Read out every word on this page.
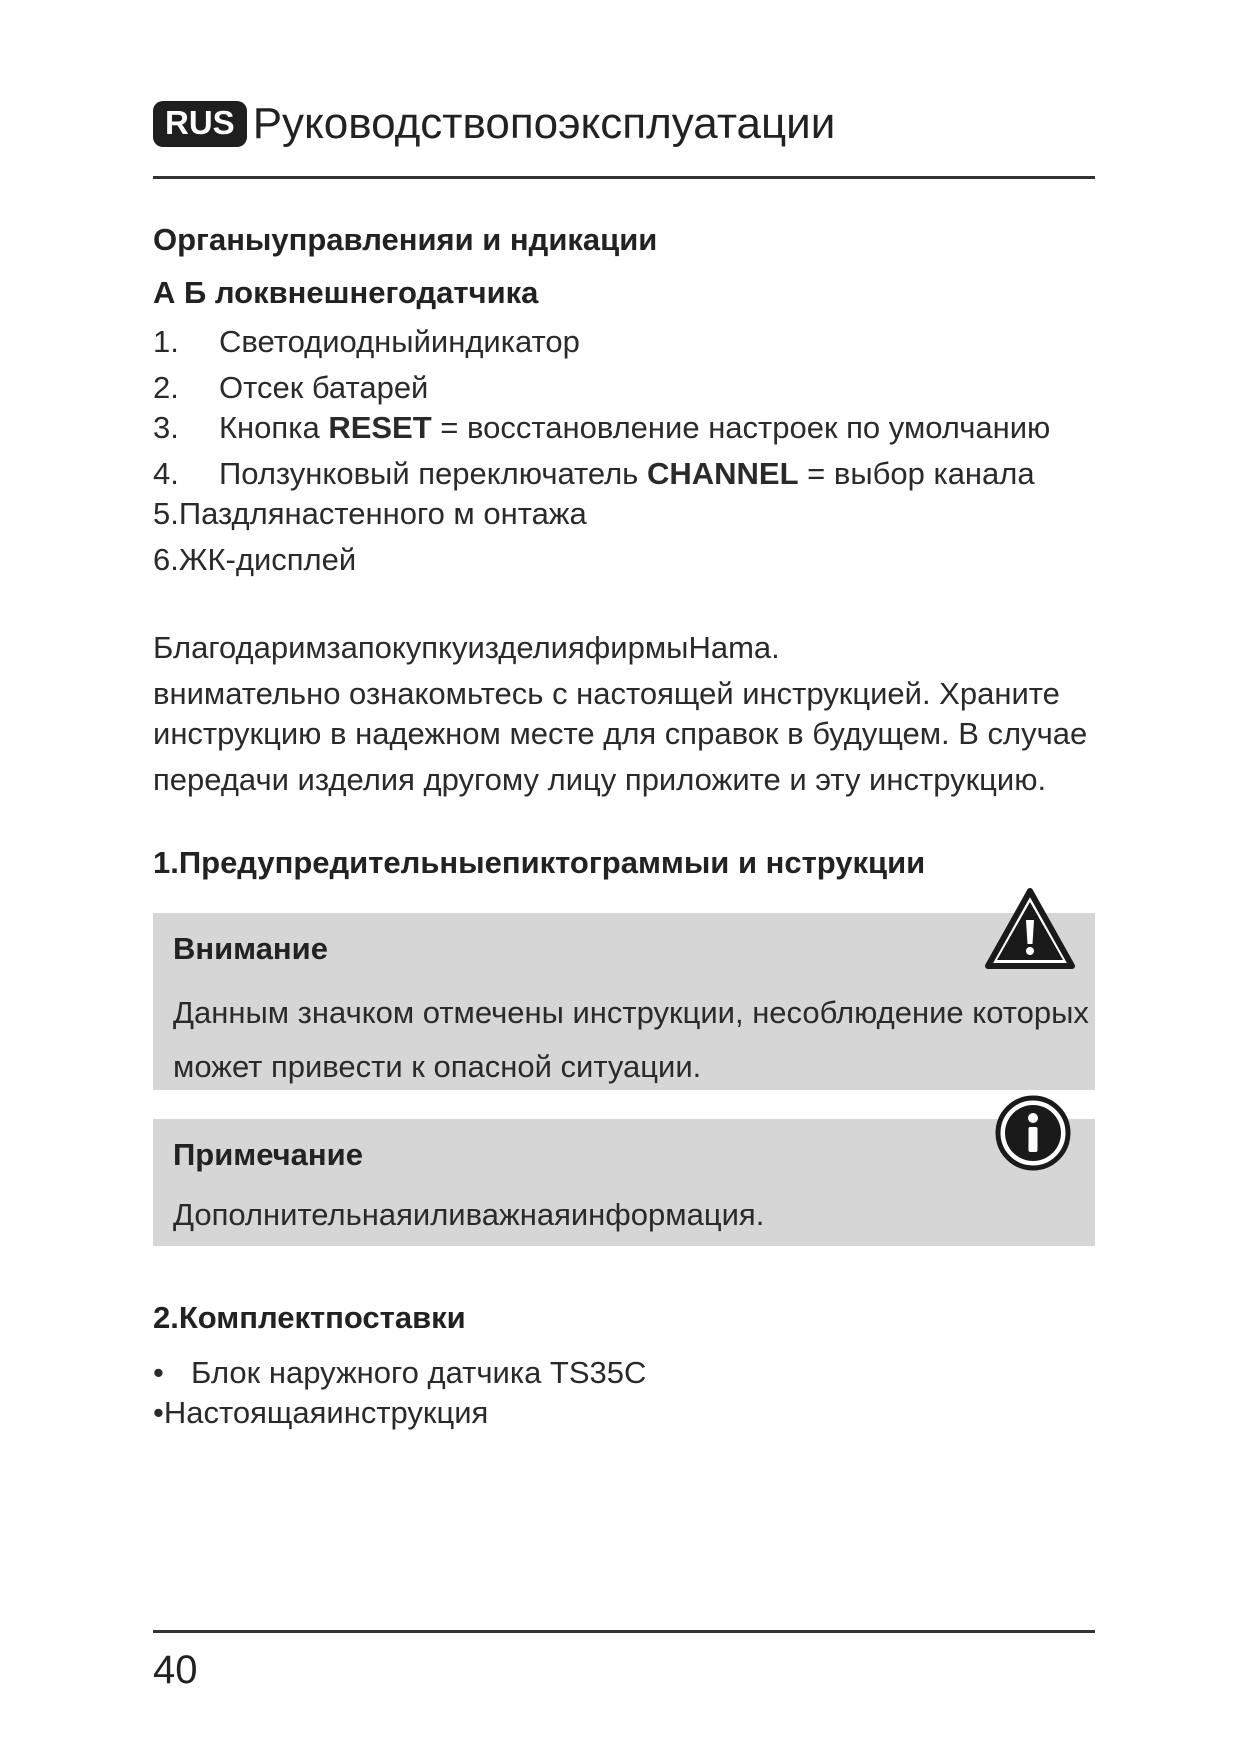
RUS Руководствопоэксплуатации
Органыуправленияи и ндикации
А Б локвнешнегодатчика
1. Светодиодныйиндикатор
2. Отсек батарей
3. Кнопка RESET = восстановление настроек по умолчанию
4. Ползунковый переключатель CHANNEL = выбор канала
5.Паздлянастенного м онтажа
6.ЖК-дисплей
БлагодаримзапокупкуизделияфирмыHama.
внимательно ознакомьтесь с настоящей инструкцией. Храните
инструкцию в надежном месте для справок в будущем. В случае
передачи изделия другому лицу приложите и эту инструкцию.
1.Предупредительныепиктограммыи и нструкции
Внимание
Данным значком отмечены инструкции, несоблюдение которых
может привести к опасной ситуации.
Примечание
Дополнительнаяиливажнаяинформация.
2.Комплектпоставки
• Блок наружного датчика TS35C
•Настоящаяинструкция
40
